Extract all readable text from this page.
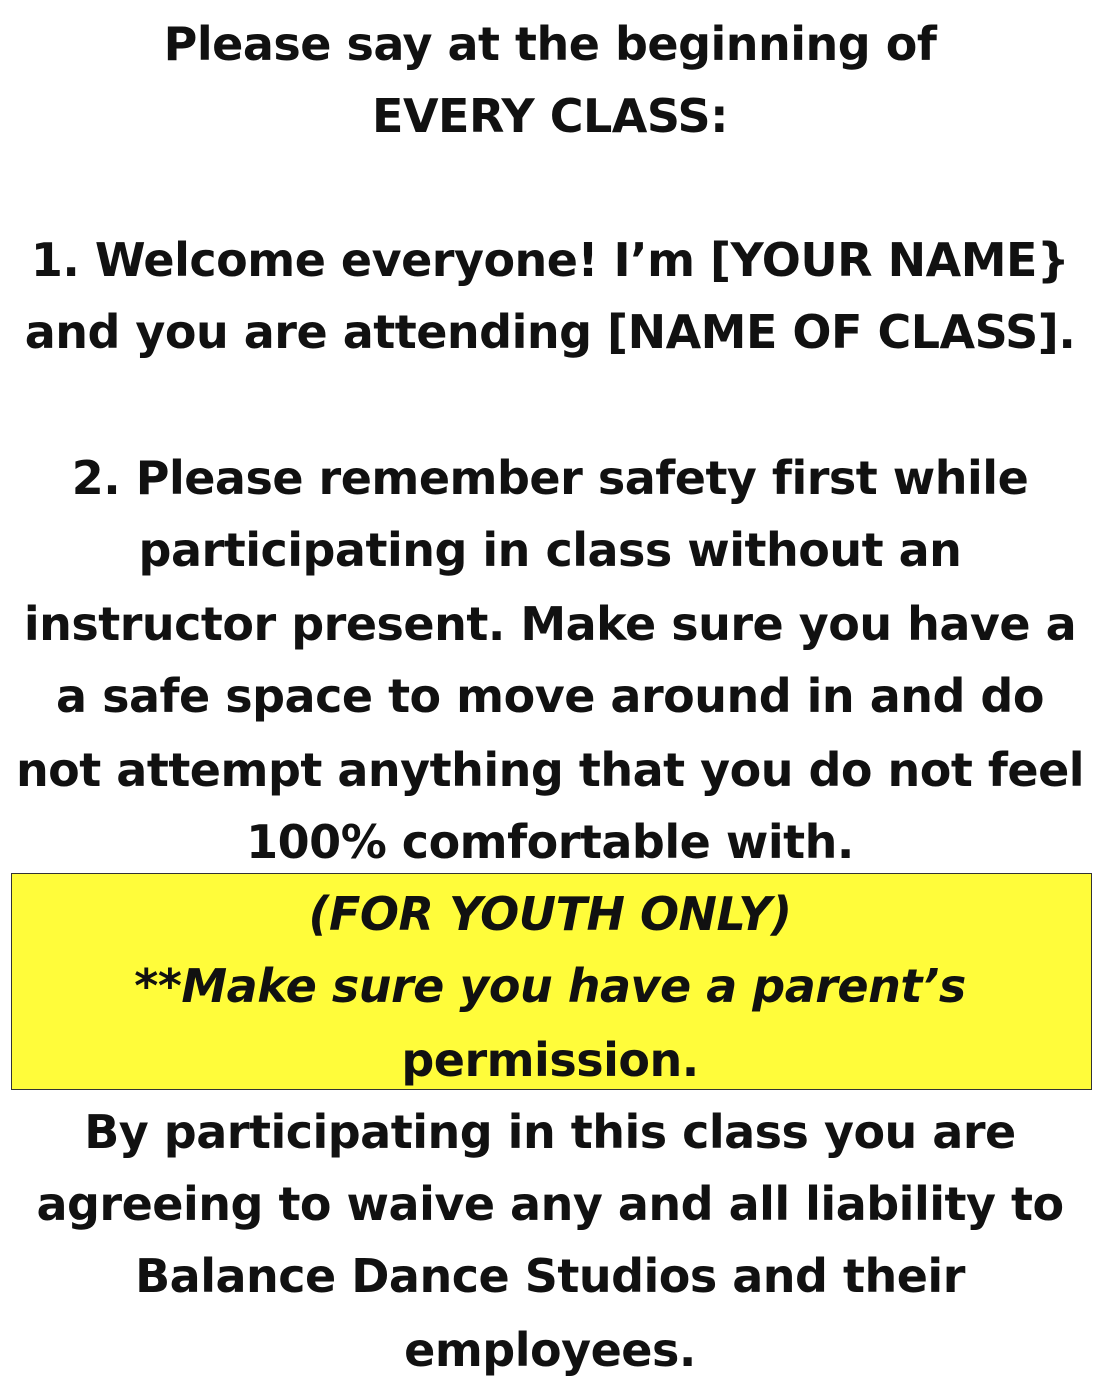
Please say at the beginning of
EVERY CLASS:
1. Welcome everyone! I’m [YOUR NAME}
and you are attending [NAME OF CLASS].
2. Please remember safety first while
participating in class without an
instructor present. Make sure you have a
a safe space to move around in and do
not attempt anything that you do not feel
100% comfortable with.
(FOR YOUTH ONLY)
**Make sure you have a parent’s
permission.
By participating in this class you are
agreeing to waive any and all liability to
Balance Dance Studios and their
employees.
